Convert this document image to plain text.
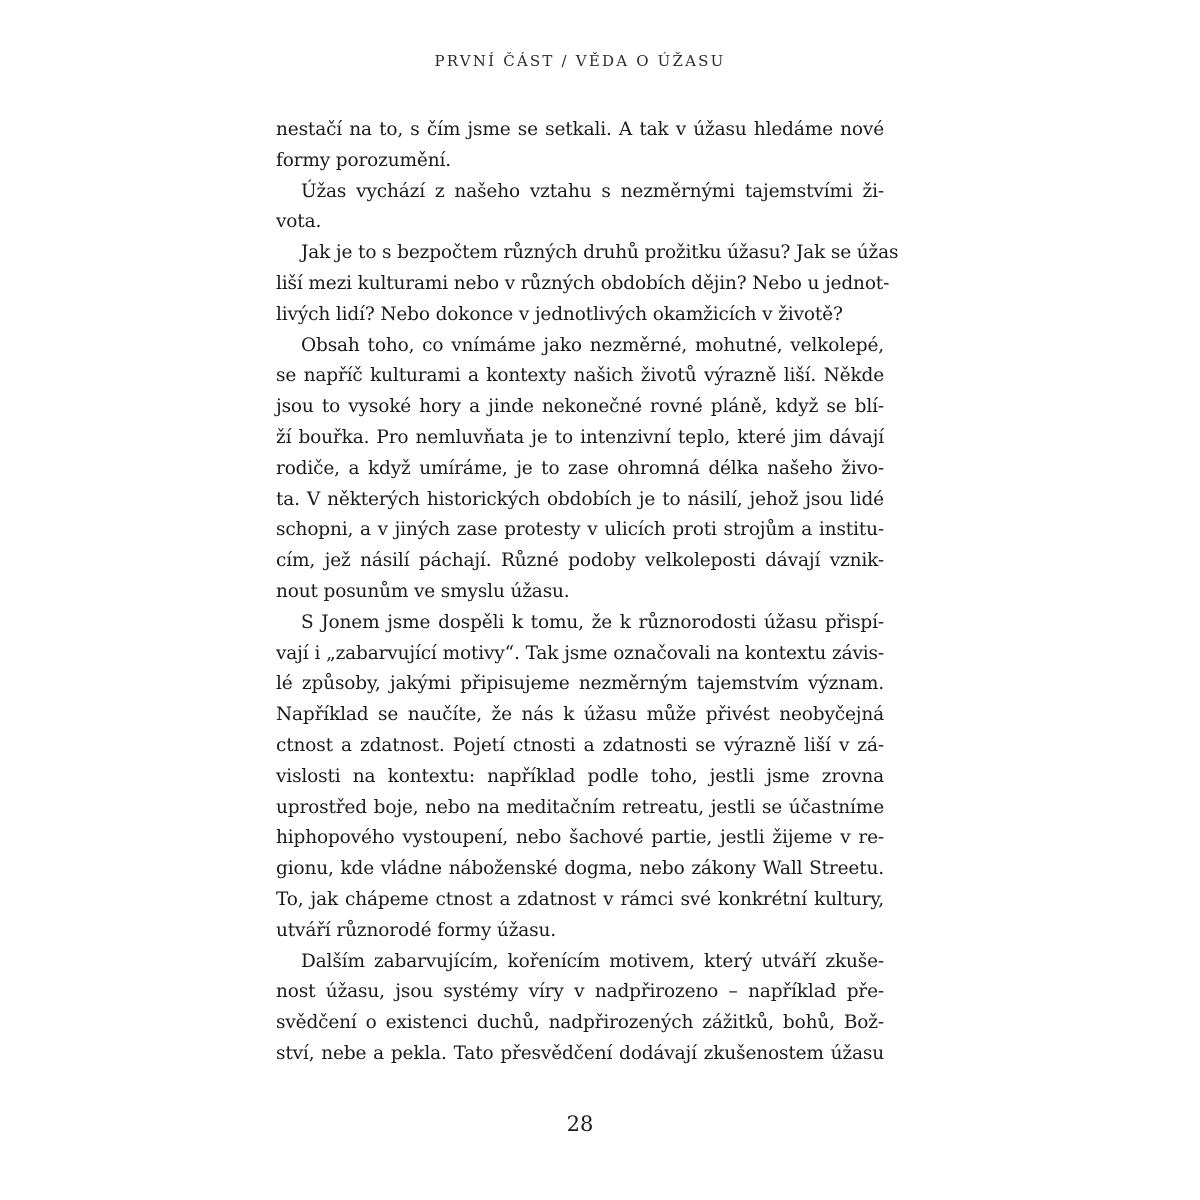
PRVNÍ ČÁST / VĚDA O ÚŽASU
nestačí na to, s čím jsme se setkali. A tak v úžasu hledáme nové
formy porozumění.
Úžas vychází z našeho vztahu s nezměrnými tajemstvími ži-
vota.
Jak je to s bezpočtem různých druhů prožitku úžasu? Jak se úžas
liší mezi kulturami nebo v různých obdobích dějin? Nebo u jednot-
livých lidí? Nebo dokonce v jednotlivých okamžicích v životě?
Obsah toho, co vnímáme jako nezměrné, mohutné, velkolepé,
se napříč kulturami a kontexty našich životů výrazně liší. Někde
jsou to vysoké hory a jinde nekonečné rovné pláně, když se blí-
ží bouřka. Pro nemluvňata je to intenzivní teplo, které jim dávají
rodiče, a když umíráme, je to zase ohromná délka našeho živo-
ta. V některých historických obdobích je to násilí, jehož jsou lidé
schopni, a v jiných zase protesty v ulicích proti strojům a institu-
cím, jež násilí páchají. Různé podoby velkoleposti dávají vznik-
nout posunům ve smyslu úžasu.
S Jonem jsme dospěli k tomu, že k různorodosti úžasu přispí-
vají i „zabarvující motivy“. Tak jsme označovali na kontextu závis-
lé způsoby, jakými připisujeme nezměrným tajemstvím význam.
Například se naučíte, že nás k úžasu může přivést neobyčejná
ctnost a zdatnost. Pojetí ctnosti a zdatnosti se výrazně liší v zá-
vislosti na kontextu: například podle toho, jestli jsme zrovna
uprostřed boje, nebo na meditačním retreatu, jestli se účastníme
hiphopového vystoupení, nebo šachové partie, jestli žijeme v re-
gionu, kde vládne náboženské dogma, nebo zákony Wall Streetu.
To, jak chápeme ctnost a zdatnost v rámci své konkrétní kultury,
utváří různorodé formy úžasu.
Dalším zabarvujícím, kořenícím motivem, který utváří zkuše-
nost úžasu, jsou systémy víry v nadpřirozeno – například pře-
svědčení o existenci duchů, nadpřirozených zážitků, bohů, Bož-
ství, nebe a pekla. Tato přesvědčení dodávají zkušenostem úžasu
28
